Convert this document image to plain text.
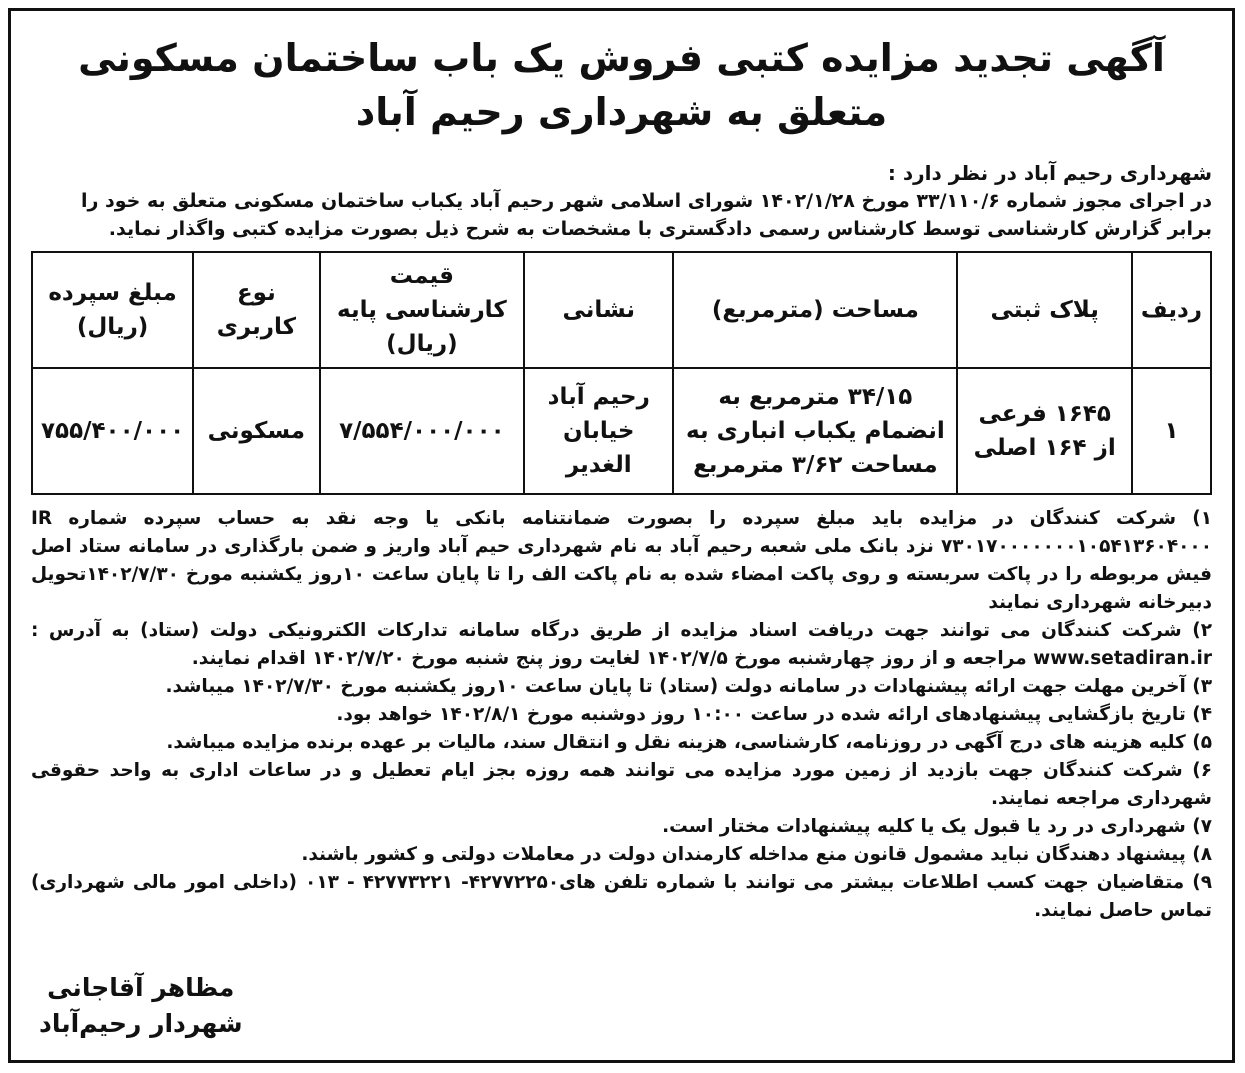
آگهی تجدید مزایده کتبی فروش یک باب ساختمان مسکونی
متعلق به شهرداری رحیم آباد
شهرداری رحیم آباد در نظر دارد :
در اجرای مجوز شماره ۳۳/۱۱۰/۶ مورخ ۱۴۰۲/۱/۲۸ شورای اسلامی شهر رحیم آباد یکباب ساختمان مسکونی متعلق به خود را برابر گزارش کارشناسی توسط کارشناس رسمی دادگستری با مشخصات به شرح ذیل بصورت مزایده کتبی واگذار نماید.
ردیف	پلاک ثبتی	مساحت (مترمربع)	نشانی	قیمت کارشناسی پایه (ریال)	نوع کاربری	مبلغ سپرده (ریال)
۱	۱۶۴۵ فرعی از ۱۶۴ اصلی	۳۴/۱۵ مترمربع به انضمام یکباب انباری به مساحت ۳/۶۲ مترمربع	رحیم آباد خیابان الغدیر	۷/۵۵۴/۰۰۰/۰۰۰	مسکونی	۷۵۵/۴۰۰/۰۰۰

۱) شرکت کنندگان در مزایده باید مبلغ سپرده را بصورت ضمانتنامه بانکی یا وجه نقد به حساب سپرده شماره IR ۷۳۰۱۷۰۰۰۰۰۰۰۱۰۵۴۱۳۶۰۴۰۰۰ نزد بانک ملی شعبه رحیم آباد به نام شهرداری حیم آباد واریز و ضمن بارگذاری در سامانه ستاد اصل فیش مربوطه را در پاکت سربسته و روی پاکت امضاء شده به نام پاکت الف را تا پایان ساعت ۱۰روز یکشنبه مورخ ۱۴۰۲/۷/۳۰تحویل دبیرخانه شهرداری نمایند

۲) شرکت کنندگان می توانند جهت دریافت اسناد مزایده از طریق درگاه سامانه تدارکات الکترونیکی دولت (ستاد) به آدرس : www.setadiran.ir مراجعه و از روز چهارشنبه مورخ ۱۴۰۲/۷/۵ لغایت روز پنج شنبه مورخ ۱۴۰۲/۷/۲۰ اقدام نمایند.

۳) آخرین مهلت جهت ارائه پیشنهادات در سامانه دولت (ستاد) تا پایان ساعت ۱۰روز یکشنبه مورخ ۱۴۰۲/۷/۳۰ میباشد.

۴) تاریخ بازگشایی پیشنهادهای ارائه شده در ساعت ۱۰:۰۰ روز دوشنبه مورخ ۱۴۰۲/۸/۱ خواهد بود.

۵) کلیه هزینه های درج آگهی در روزنامه، کارشناسی، هزینه نقل و انتقال سند، مالیات بر عهده برنده مزایده میباشد.

۶) شرکت کنندگان جهت بازدید از زمین مورد مزایده می توانند همه روزه بجز ایام تعطیل و در ساعات اداری به واحد حقوقی شهرداری مراجعه نمایند.

۷) شهرداری در رد یا قبول یک یا کلیه پیشنهادات مختار است.

۸) پیشنهاد دهندگان نباید مشمول قانون منع مداخله کارمندان دولت در معاملات دولتی و کشور باشند.

۹) متقاضیان جهت کسب اطلاعات بیشتر می توانند با شماره تلفن های۴۲۷۷۲۲۵۰- ۴۲۷۷۳۲۲۱ - ۰۱۳ (داخلی امور مالی شهرداری) تماس حاصل نمایند.

مظاهر آقاجانی
شهردار رحیم‌آباد
